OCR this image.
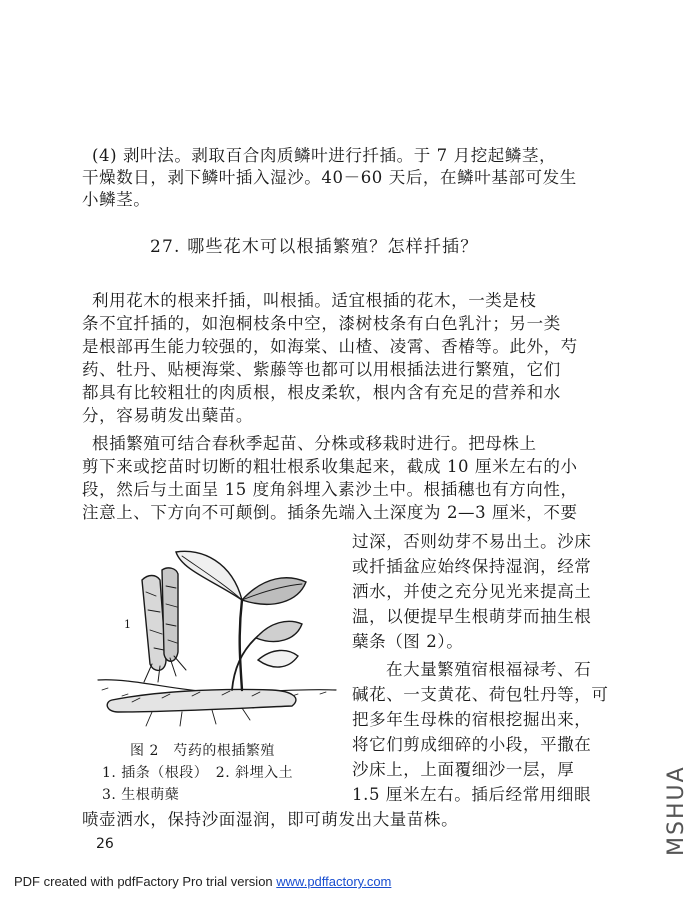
(4) 剥叶法。剥取百合肉质鳞叶进行扦插。于 7 月挖起鳞茎，
干燥数日，剥下鳞叶插入湿沙。40－60 天后，在鳞叶基部可发生
小鳞茎。
27. 哪些花木可以根插繁殖？怎样扦插？
利用花木的根来扦插，叫根插。适宜根插的花木，一类是枝
条不宜扦插的，如泡桐枝条中空，漆树枝条有白色乳汁；另一类
是根部再生能力较强的，如海棠、山楂、凌霄、香椿等。此外，芍
药、牡丹、贴梗海棠、紫藤等也都可以用根插法进行繁殖，它们
都具有比较粗壮的肉质根，根皮柔软，根内含有充足的营养和水
分，容易萌发出蘖苗。
根插繁殖可结合春秋季起苗、分株或移栽时进行。把母株上
剪下来或挖苗时切断的粗壮根系收集起来，截成 10 厘米左右的小
段，然后与土面呈 15 度角斜埋入素沙土中。根插穗也有方向性，
注意上、下方向不可颠倒。插条先端入土深度为 2—3 厘米，不要
过深，否则幼芽不易出土。沙床
或扦插盆应始终保持湿润，经常
洒水，并使之充分见光来提高土
温，以便提早生根萌芽而抽生根
蘖条（图 2）。
在大量繁殖宿根福禄考、石
碱花、一支黄花、荷包牡丹等，可
把多年生母株的宿根挖掘出来，
将它们剪成细碎的小段，平撒在
沙床上，上面覆细沙一层，厚
1.5 厘米左右。插后经常用细眼
喷壶洒水，保持沙面湿润，即可萌发出大量苗株。
1
图 2　芍药的根插繁殖
1. 插条（根段）　2. 斜埋入土
3. 生根萌蘖
26
PDF created with pdfFactory Pro trial version www.pdffactory.com
MSHUA
